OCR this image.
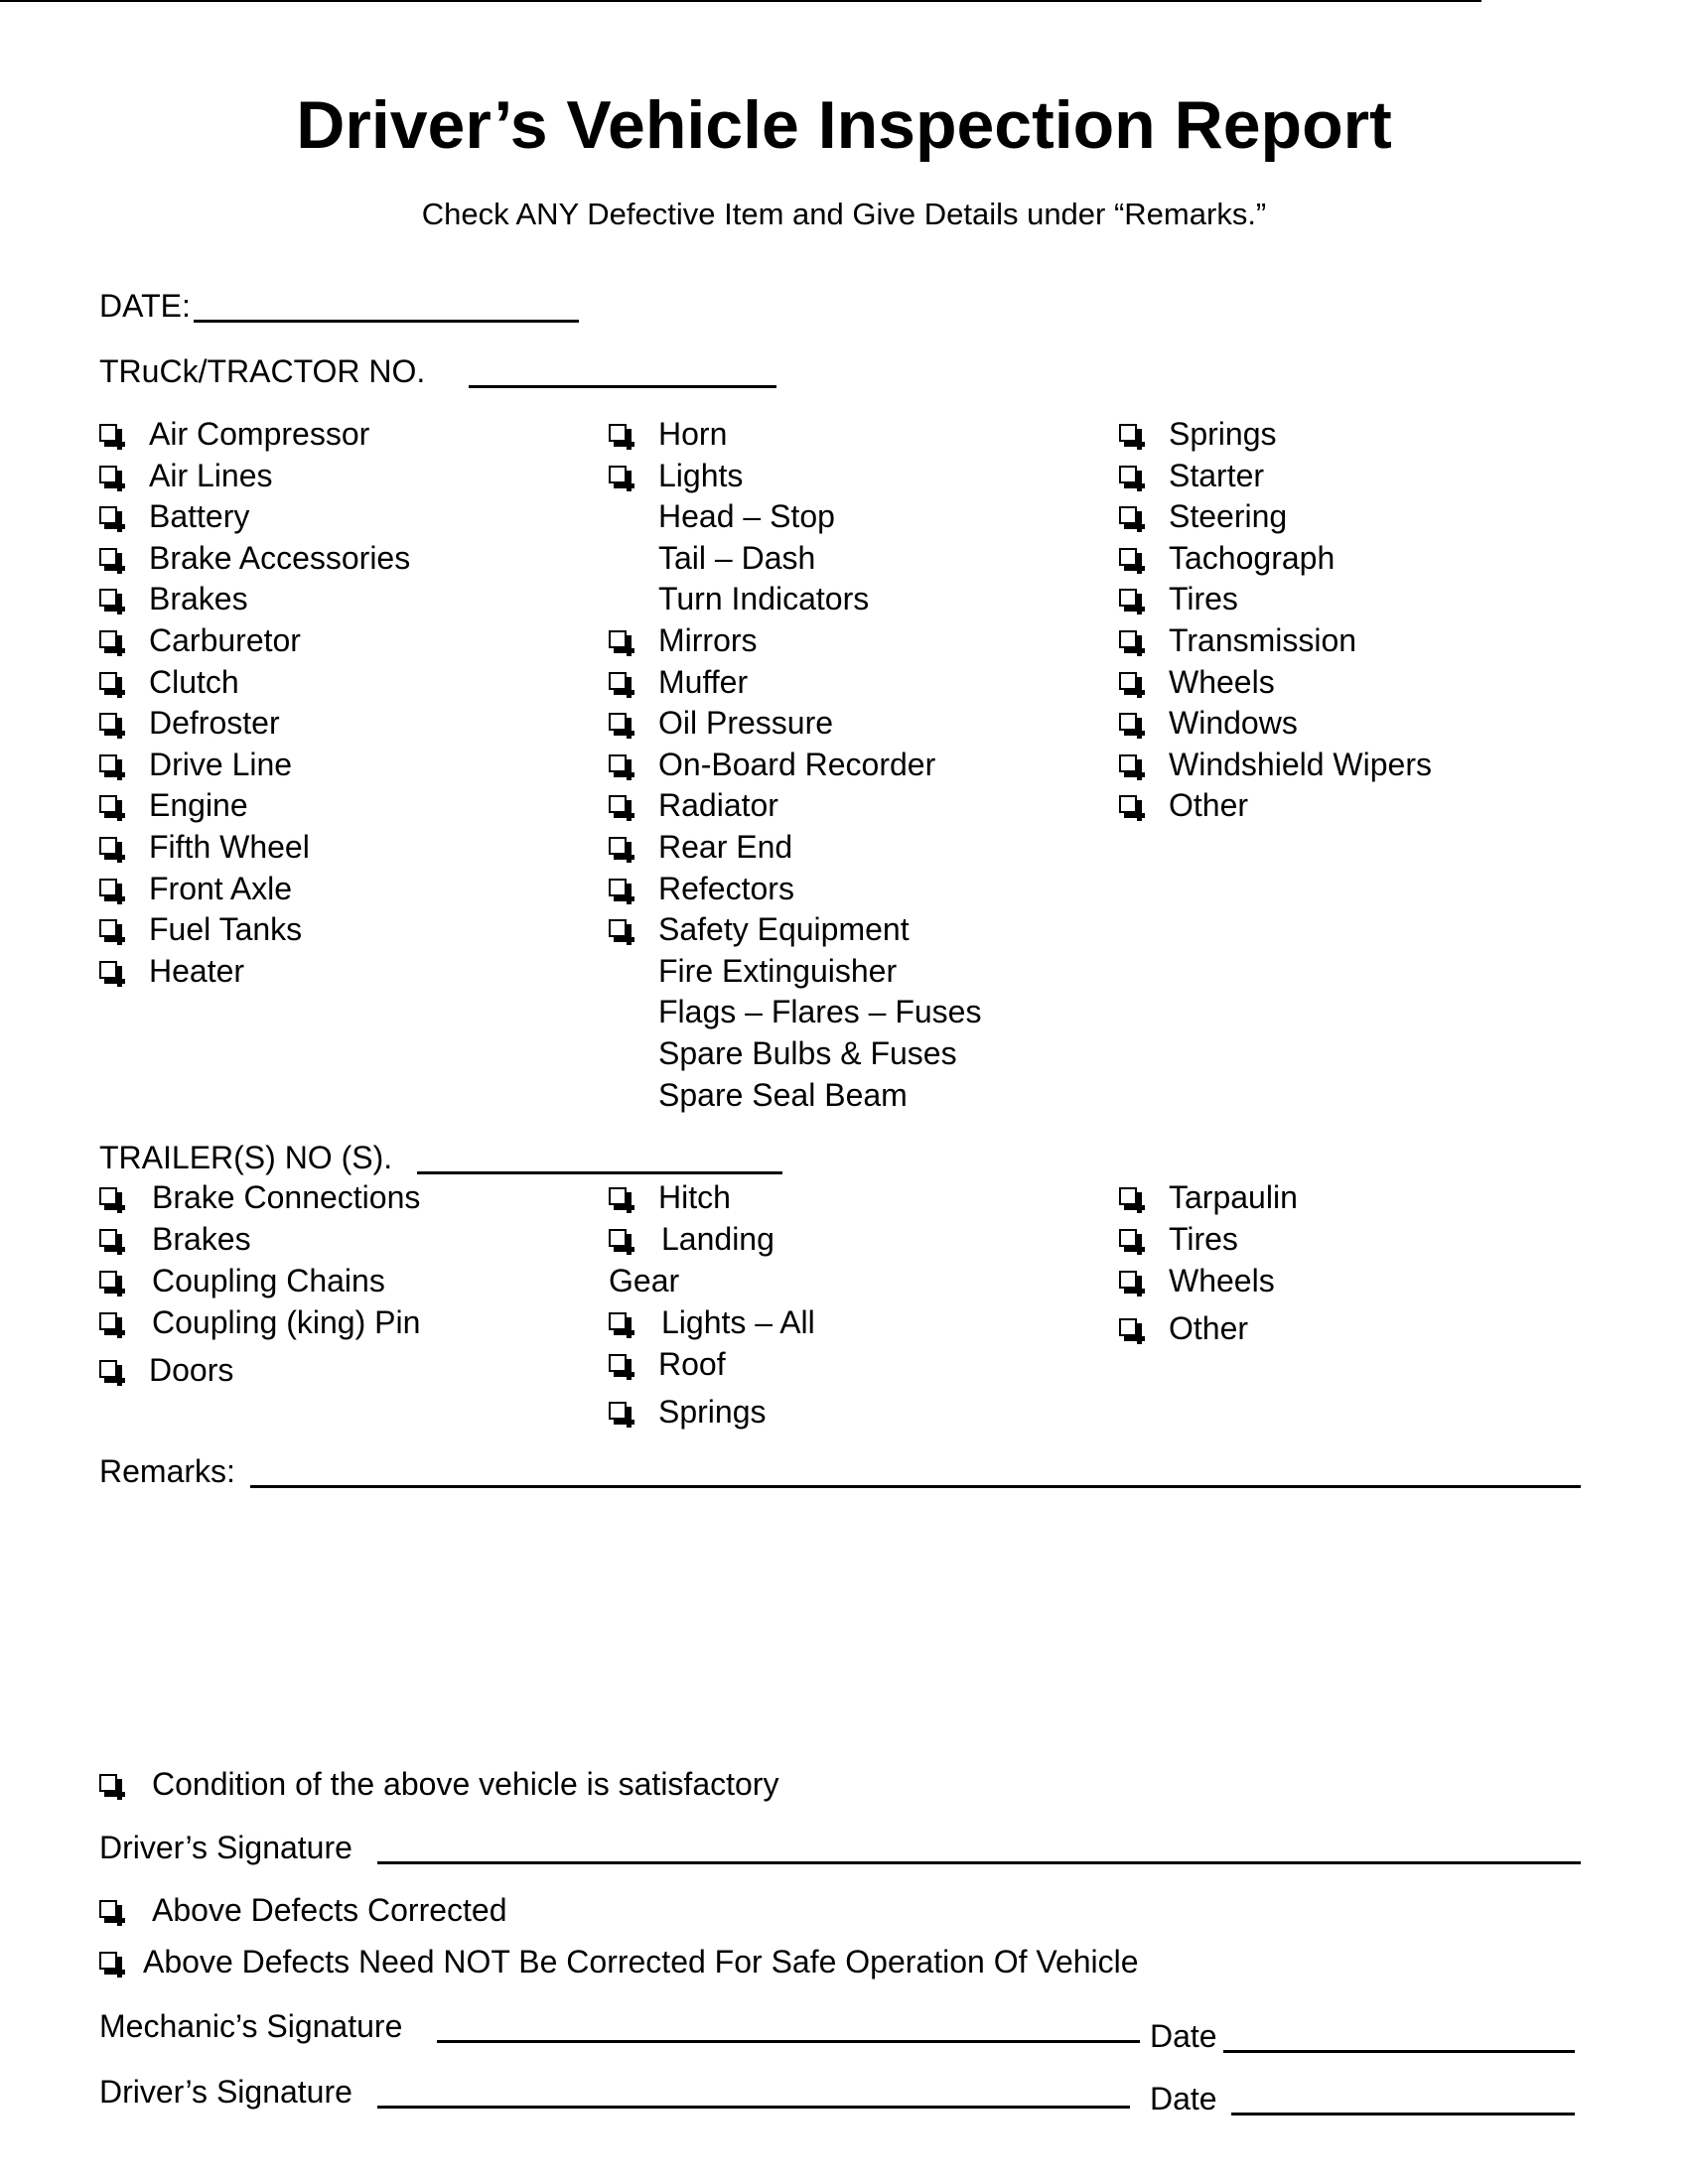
Driver’s Vehicle Inspection Report
Check ANY Defective Item and Give Details under “Remarks.”
DATE:
TRuCk/TRACTOR NO.
Air Compressor
Air Lines
Battery
Brake Accessories
Brakes
Carburetor
Clutch
Defroster
Drive Line
Engine
Fifth Wheel
Front Axle
Fuel Tanks
Heater
Horn
Lights
Head – Stop
Tail – Dash
Turn Indicators
Mirrors
Muffer
Oil Pressure
On-Board Recorder
Radiator
Rear End
Refectors
Safety Equipment
Fire Extinguisher
Flags – Flares – Fuses
Spare Bulbs & Fuses
Spare Seal Beam
Springs
Starter
Steering
Tachograph
Tires
Transmission
Wheels
Windows
Windshield Wipers
Other
TRAILER(S) NO (S).
Brake Connections
Brakes
Coupling Chains
Coupling (king) Pin
Doors
Hitch
Landing
Gear
Lights – All
Roof
Springs
Tarpaulin
Tires
Wheels
Other
Remarks:
Condition of the above vehicle is satisfactory
Driver’s Signature
Above Defects Corrected
Above Defects Need NOT Be Corrected For Safe Operation Of Vehicle
Mechanic’s Signature	Date
Driver’s Signature	Date
